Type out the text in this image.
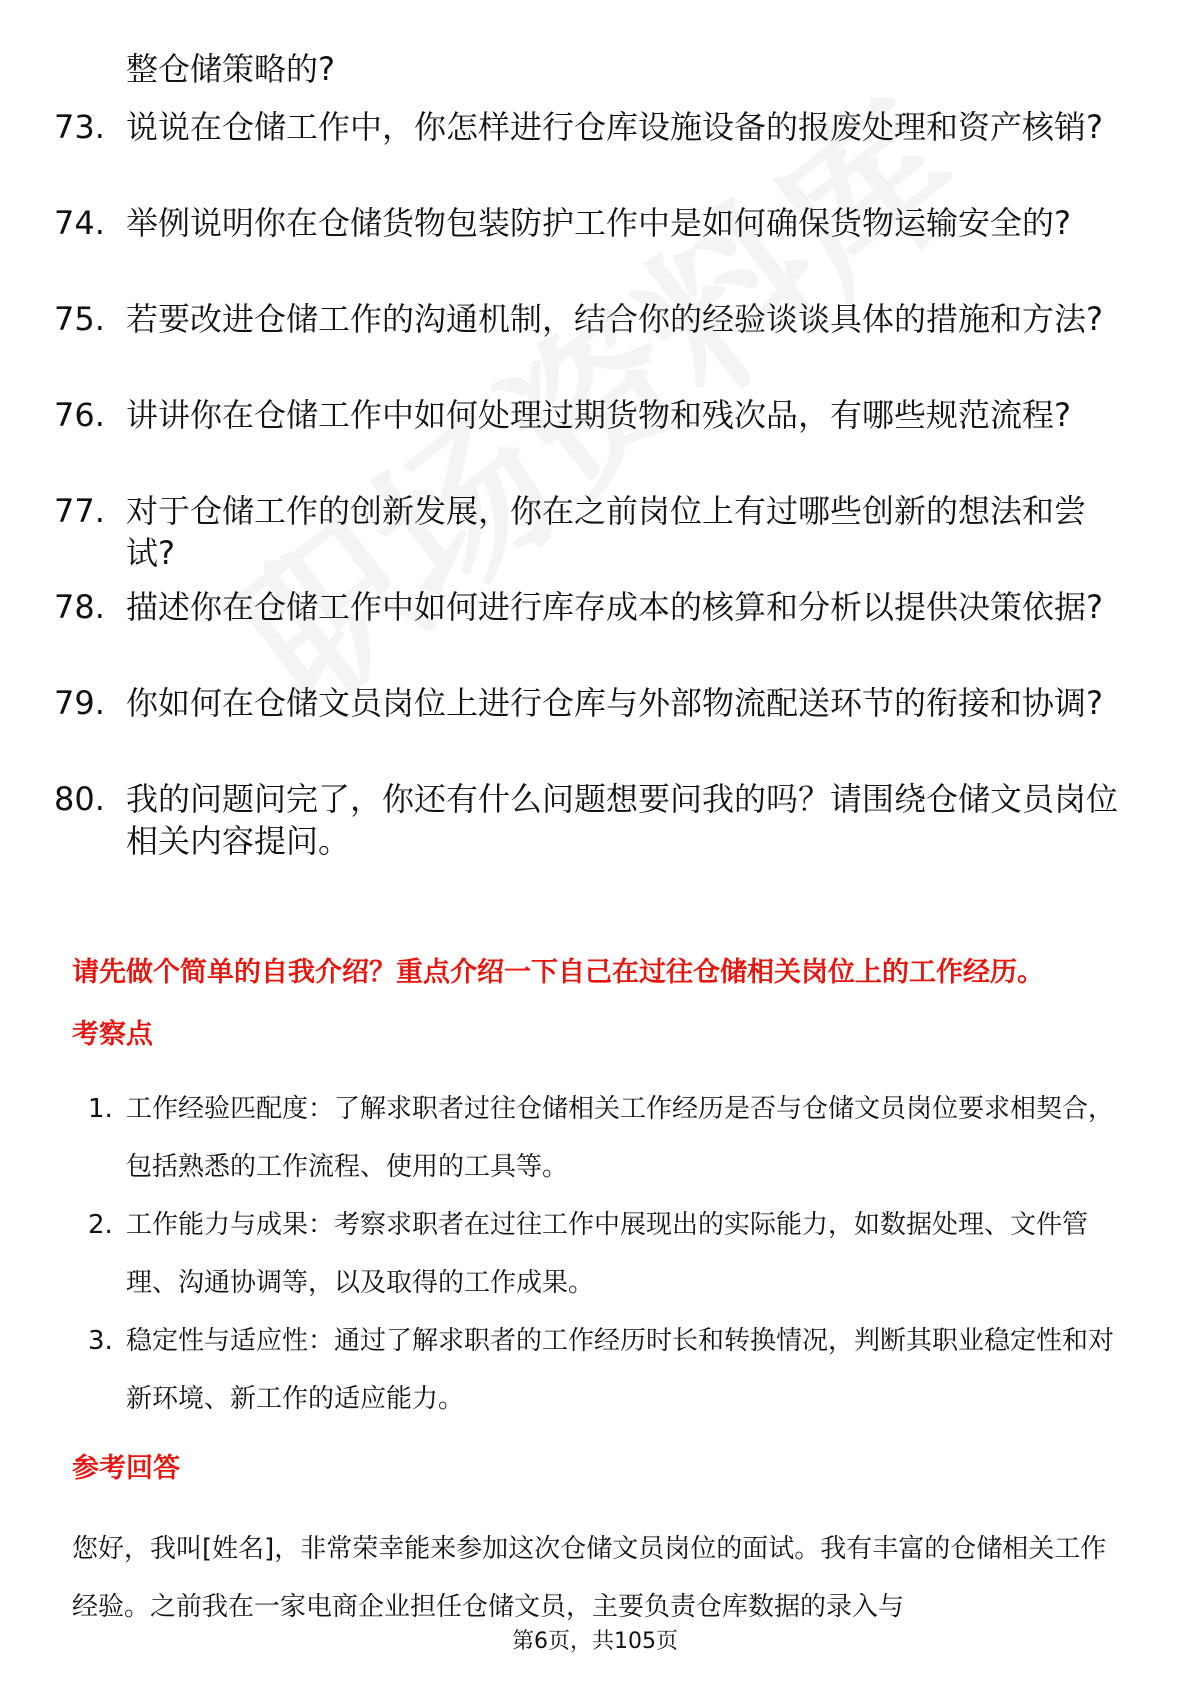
整仓储策略的?
73. 说说在仓储工作中，你怎样进行仓库设施设备的报废处理和资产核销?
74. 举例说明你在仓储货物包装防护工作中是如何确保货物运输安全的?
75. 若要改进仓储工作的沟通机制，结合你的经验谈谈具体的措施和方法?
76. 讲讲你在仓储工作中如何处理过期货物和残次品，有哪些规范流程?
77. 对于仓储工作的创新发展，你在之前岗位上有过哪些创新的想法和尝试?
78. 描述你在仓储工作中如何进行库存成本的核算和分析以提供决策依据?
79. 你如何在仓储文员岗位上进行仓库与外部物流配送环节的衔接和协调?
80. 我的问题问完了，你还有什么问题想要问我的吗？请围绕仓储文员岗位相关内容提问。
请先做个简单的自我介绍？重点介绍一下自己在过往仓储相关岗位上的工作经历。
考察点
1. 工作经验匹配度：了解求职者过往仓储相关工作经历是否与仓储文员岗位要求相契合，包括熟悉的工作流程、使用的工具等。
2. 工作能力与成果：考察求职者在过往工作中展现出的实际能力，如数据处理、文件管理、沟通协调等，以及取得的工作成果。
3. 稳定性与适应性：通过了解求职者的工作经历时长和转换情况，判断其职业稳定性和对新环境、新工作的适应能力。
参考回答
您好，我叫[姓名]，非常荣幸能来参加这次仓储文员岗位的面试。我有丰富的仓储相关工作经验。之前我在一家电商企业担任仓储文员，主要负责仓库数据的录入与
第6页，共105页
